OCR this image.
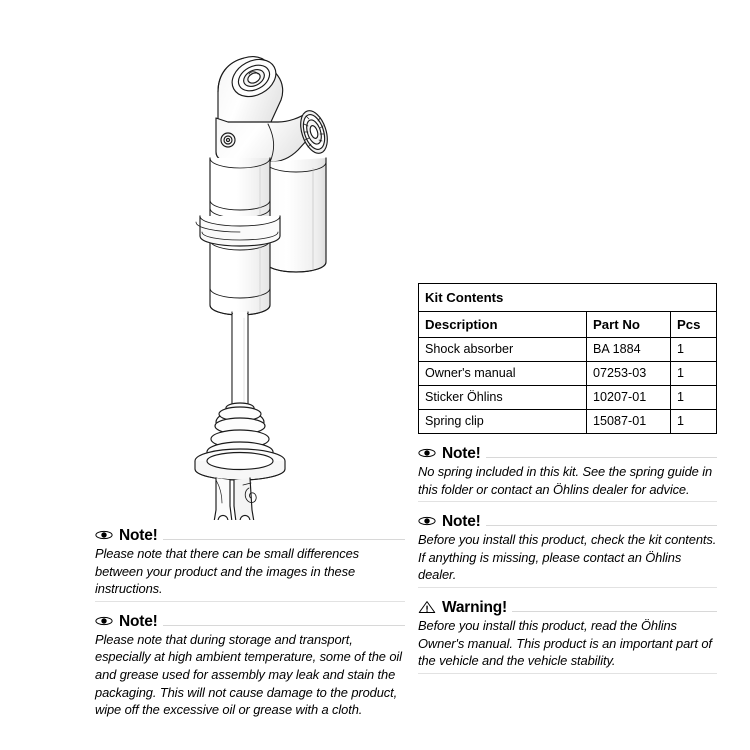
Kit Contents		
Description	Part No	Pcs
Shock absorber	BA 1884	1
Owner's manual	07253-03	1
Sticker Öhlins	10207-01	1
Spring clip	15087-01	1
Note!
No spring included in this kit. See the spring guide in this folder or contact an Öhlins dealer for advice.
Note!
Before you install this product, check the kit contents. If anything is missing, please contact an Öhlins dealer.
Warning!
Before you install this product, read the Öhlins Owner's manual. This product is an important part of the vehicle and the vehicle stability.
Note!
Please note that there can be small differences between your product and the images in these instructions.
Note!
Please note that during storage and transport, especially at high ambient temperature, some of the oil and grease used for assembly may leak and stain the packaging. This will not cause damage to the product, wipe off the excessive oil or grease with a cloth.
